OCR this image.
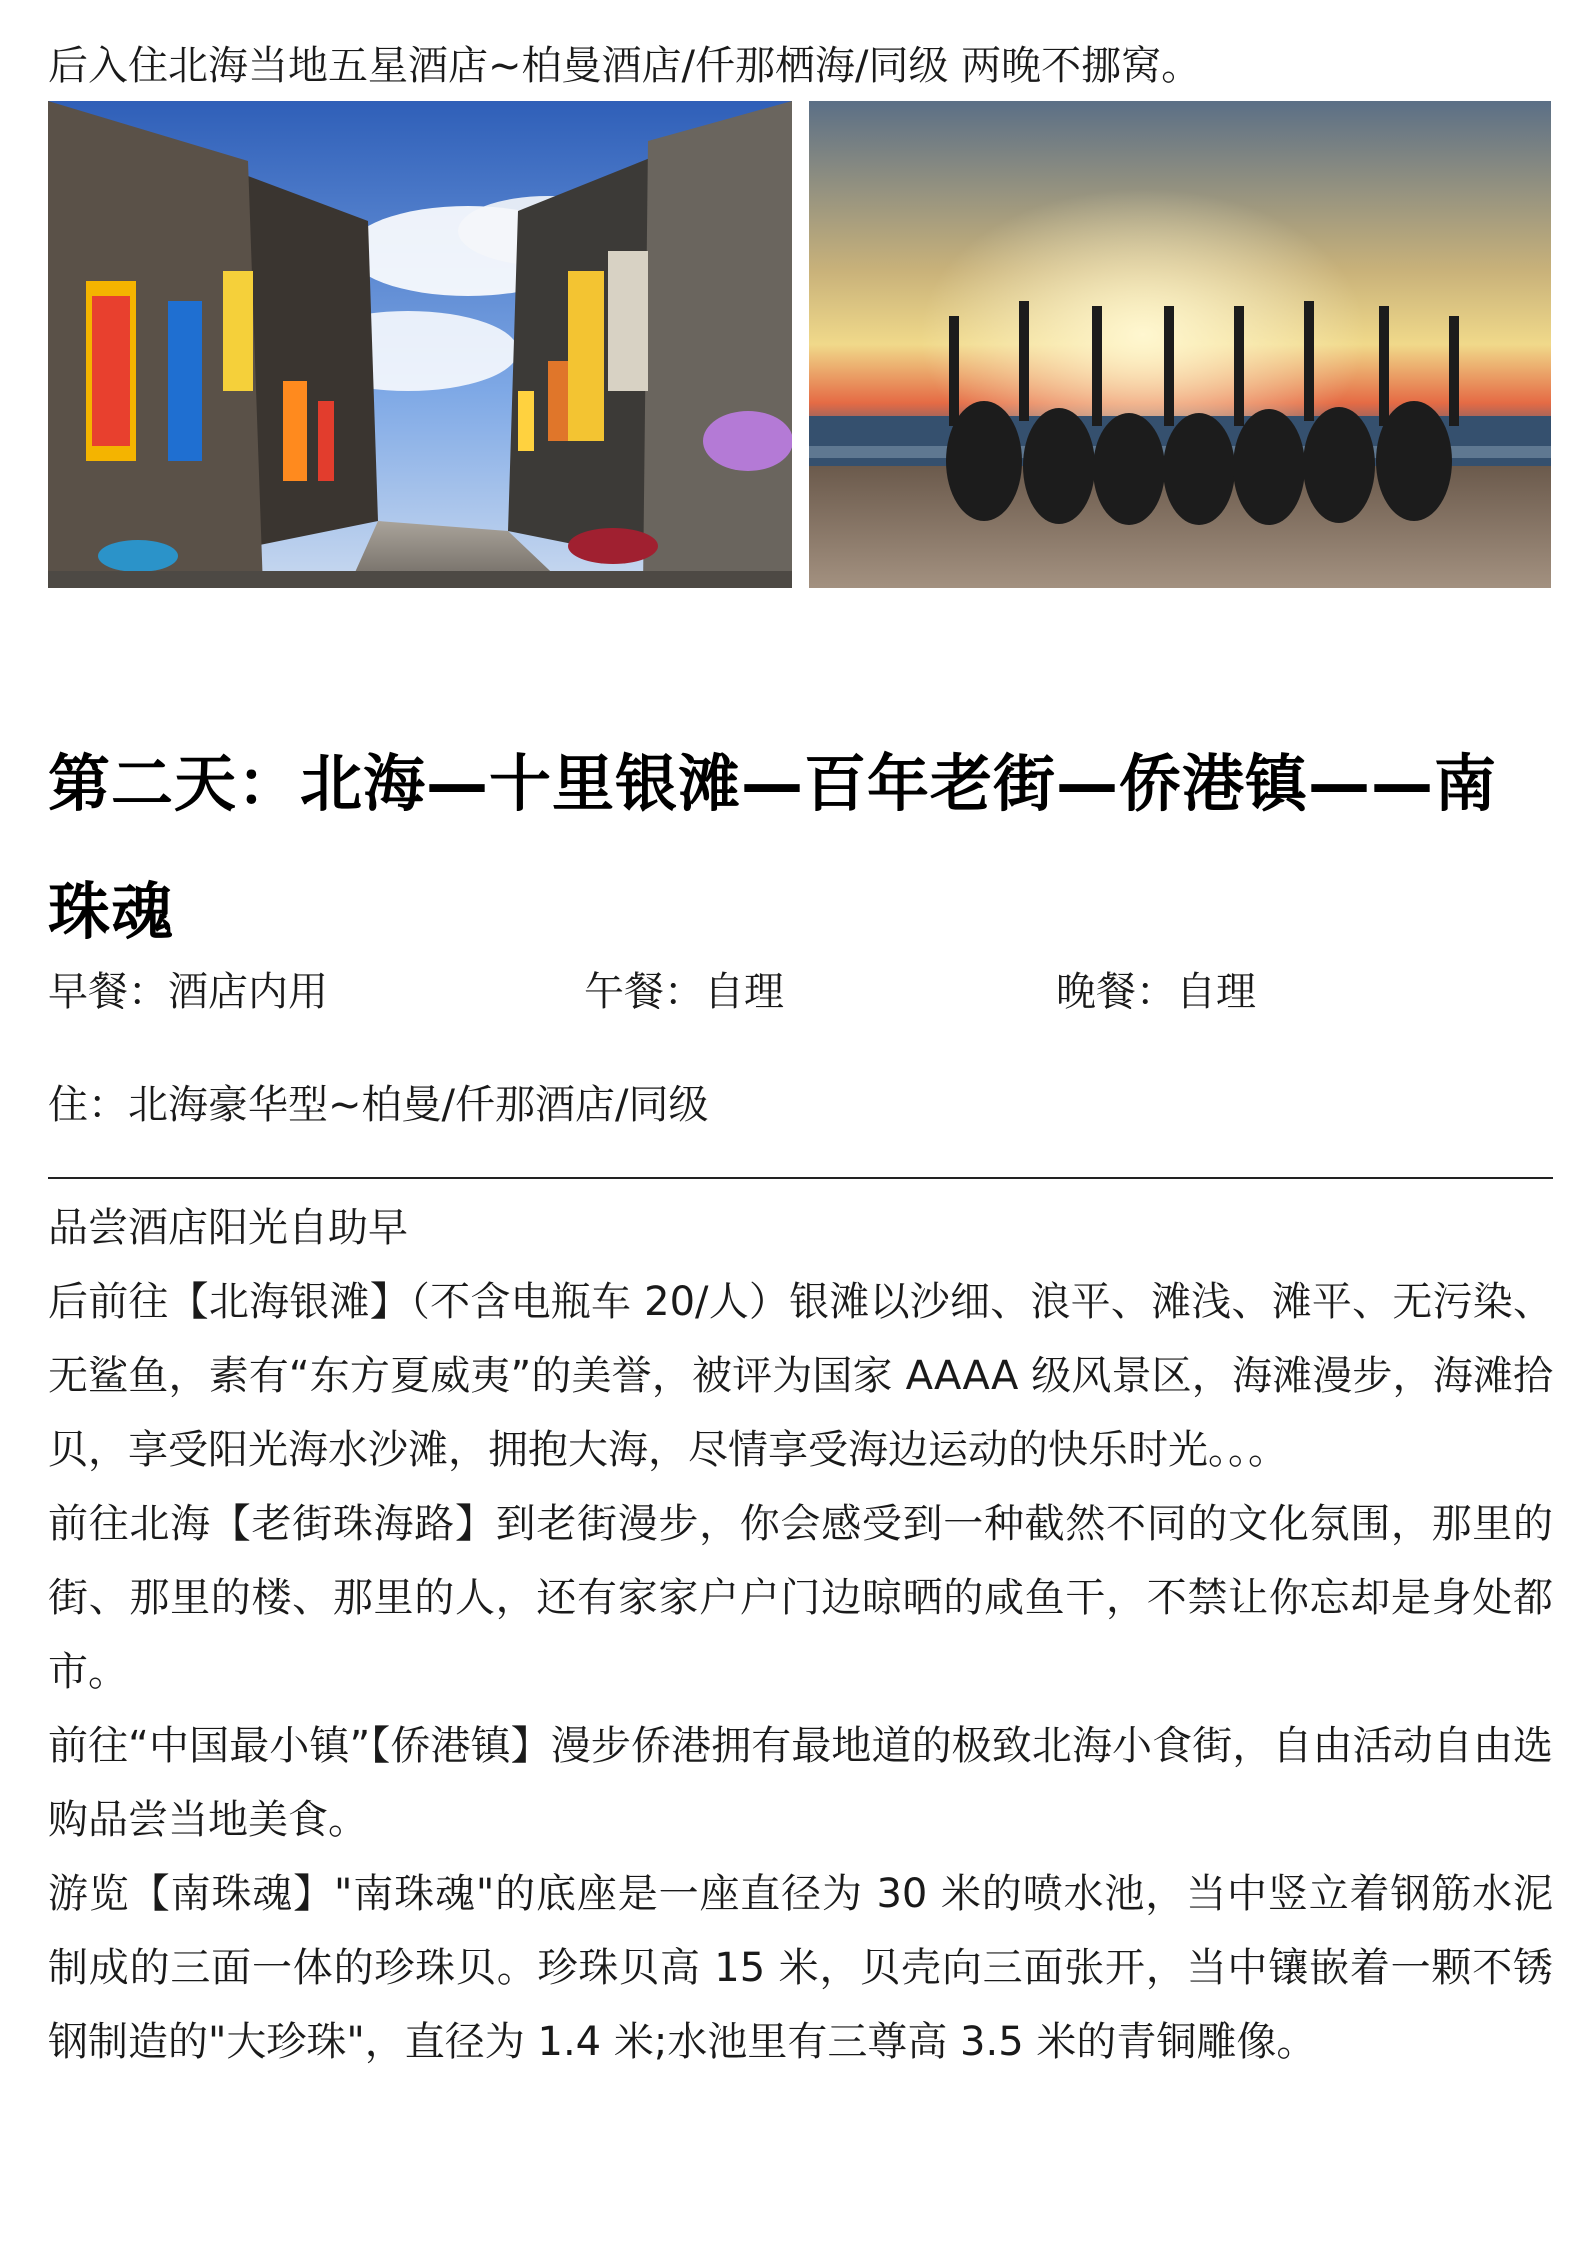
后入住北海当地五星酒店~柏曼酒店/仟那栖海/同级 两晚不挪窝。
第二天：北海—十里银滩—百年老街—侨港镇——南珠魂
早餐：酒店内用	午餐：自理	晚餐：自理
住：北海豪华型~柏曼/仟那酒店/同级

品尝酒店阳光自助早

后前往【北海银滩】（不含电瓶车 20/人）银滩以沙细、浪平、滩浅、滩平、无污染、无鲨鱼，素有“东方夏威夷”的美誉，被评为国家 AAAA 级风景区，海滩漫步，海滩拾贝，享受阳光海水沙滩，拥抱大海，尽情享受海边运动的快乐时光。。。

前往北海【老街珠海路】到老街漫步，你会感受到一种截然不同的文化氛围，那里的街、那里的楼、那里的人，还有家家户户门边晾晒的咸鱼干，不禁让你忘却是身处都市。

前往“中国最小镇”【侨港镇】漫步侨港拥有最地道的极致北海小食街，自由活动自由选购品尝当地美食。

游览【南珠魂】"南珠魂"的底座是一座直径为 30 米的喷水池，当中竖立着钢筋水泥制成的三面一体的珍珠贝。珍珠贝高 15 米，贝壳向三面张开，当中镶嵌着一颗不锈钢制造的"大珍珠"，直径为 1.4 米;水池里有三尊高 3.5 米的青铜雕像。
